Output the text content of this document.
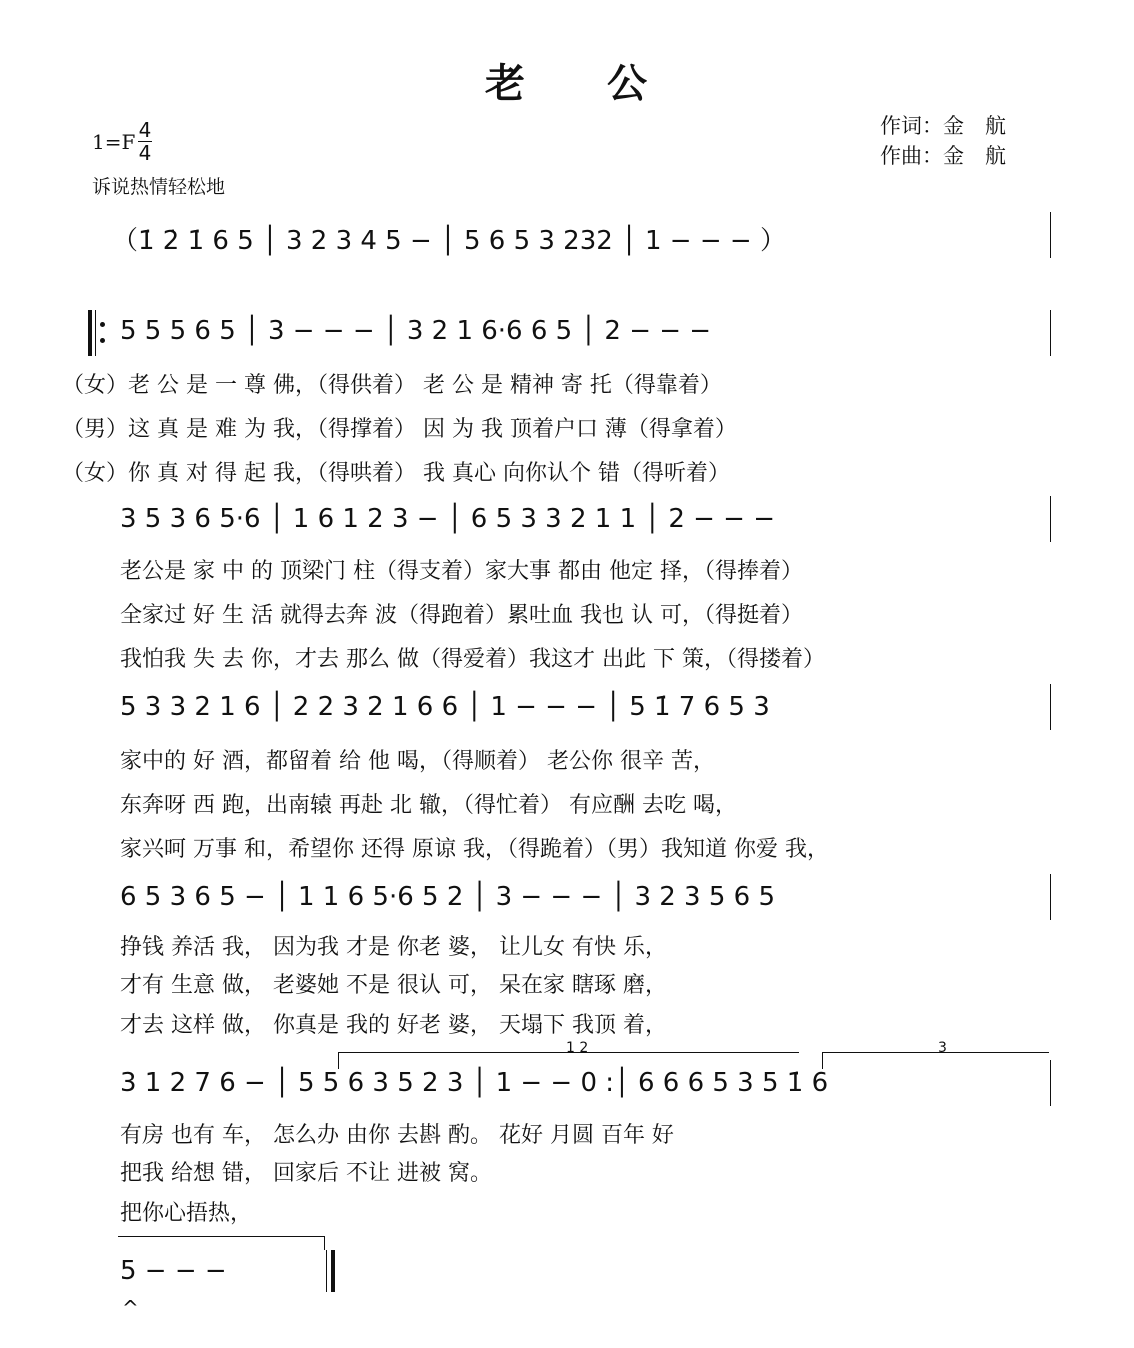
老 公
作词：金　航
作曲：金　航
1=F 4
4
诉说热情轻松地
（1̇ 2̇ 1̇ 6 5 │ 3 2 3 4 5 − │ 5 6 5 3 232 │ 1 − − − ）
5 5 5 6 5 │ 3 − − − │ 3 2 1 6·6 6 5 │ 2 − − −
（女）老 公 是 一 尊 佛，（得供着） 老 公 是 精神 寄 托（得靠着）
（男）这 真 是 难 为 我，（得撑着） 因 为 我 顶着户口 薄（得拿着）
（女）你 真 对 得 起 我，（得哄着） 我 真心 向你认个 错（得听着）
3 5 3 6 5·6 │ 1 6 1 2 3 − │ 6 5 3 3 2 1 1 │ 2 − − −
老公是 家 中 的 顶梁门 柱（得支着）家大事 都由 他定 择，（得捧着）
全家过 好 生 活 就得去奔 波（得跑着）累吐血 我也 认 可，（得挺着）
我怕我 失 去 你，才去 那么 做（得爱着）我这才 出此 下 策，（得搂着）
5 3 3 2 1 6 │ 2 2 3 2 1 6 6 │ 1 − − − │ 5 1̇ 7 6 5 3
家中的 好 酒，都留着 给 他 喝，（得顺着） 老公你 很辛 苦，
东奔呀 西 跑，出南辕 再赴 北 辙，（得忙着） 有应酬 去吃 喝，
家兴呵 万事 和，希望你 还得 原谅 我，（得跪着）（男）我知道 你爱 我，
6 5 3 6 5 − │ 1 1 6 5·6 5 2 │ 3 − − − │ 3 2 3 5 6 5
挣钱 养活 我， 因为我 才是 你老 婆， 让儿女 有快 乐，
才有 生意 做， 老婆她 不是 很认 可， 呆在家 瞎琢 磨，
才去 这样 做， 你真是 我的 好老 婆， 天塌下 我顶 着，
1 2	3
3 1 2 7 6 − │ 5 5 6 3 5 2 3 │ 1 − − 0 :│ 6 6 6 5 3 5 1̇ 6
有房 也有 车， 怎么办 由你 去斟 酌。 花好 月圆 百年 好
把我 给想 错， 回家后 不让 进被 窝。
把你心捂热，
5 − − −
^
